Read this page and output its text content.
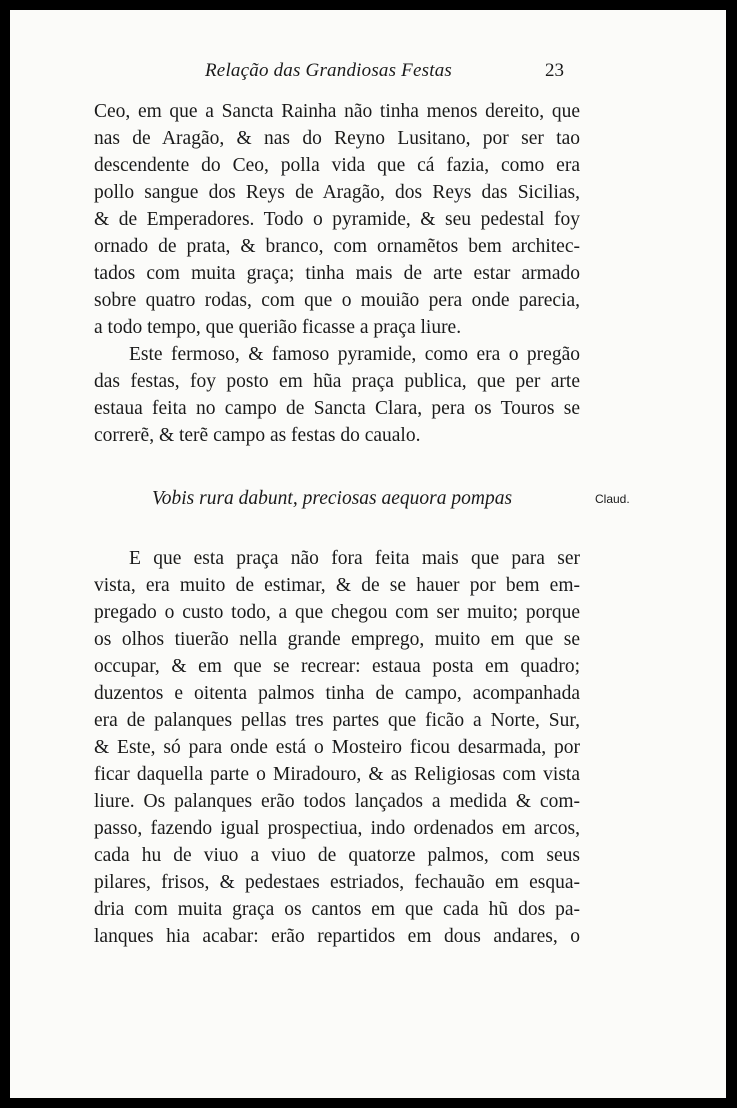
Relação das Grandiosas Festas	23
Ceo, em que a Sancta Rainha não tinha menos dereito, que
nas de Aragão, & nas do Reyno Lusitano, por ser tao
descendente do Ceo, polla vida que cá fazia, como era
pollo sangue dos Reys de Aragão, dos Reys das Sicilias,
& de Emperadores. Todo o pyramide, & seu pedestal foy
ornado de prata, & branco, com ornamẽtos bem architec-
tados com muita graça; tinha mais de arte estar armado
sobre quatro rodas, com que o mouião pera onde parecia,
a todo tempo, que querião ficasse a praça liure.
Este fermoso, & famoso pyramide, como era o pregão
das festas, foy posto em hũa praça publica, que per arte
estaua feita no campo de Sancta Clara, pera os Touros se
correrẽ, & terẽ campo as festas do caualo.
Vobis rura dabunt, preciosas aequora pompas	Claud.
E que esta praça não fora feita mais que para ser
vista, era muito de estimar, & de se hauer por bem em-
pregado o custo todo, a que chegou com ser muito; porque
os olhos tiuerão nella grande emprego, muito em que se
occupar, & em que se recrear: estaua posta em quadro;
duzentos e oitenta palmos tinha de campo, acompanhada
era de palanques pellas tres partes que ficão a Norte, Sur,
& Este, só para onde está o Mosteiro ficou desarmada, por
ficar daquella parte o Miradouro, & as Religiosas com vista
liure. Os palanques erão todos lançados a medida & com-
passo, fazendo igual prospectiua, indo ordenados em arcos,
cada hu de viuo a viuo de quatorze palmos, com seus
pilares, frisos, & pedestaes estriados, fechauão em esqua-
dria com muita graça os cantos em que cada hũ dos pa-
lanques hia acabar: erão repartidos em dous andares, o
